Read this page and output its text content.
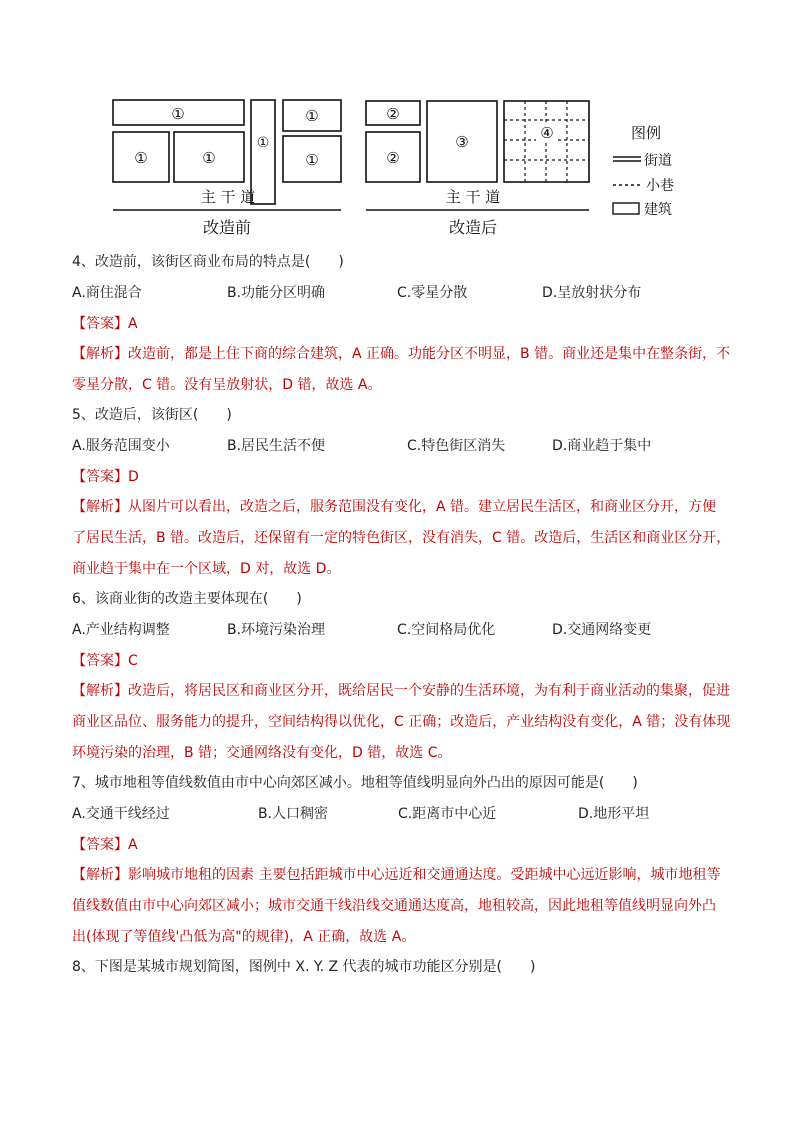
①
①
①
①	①	①
主 干 道
改造前
②
②
③	④
主 干 道
改造后
图例
街道
小巷
建筑

4、改造前，该街区商业布局的特点是(　　)

A.商住混合	B.功能分区明确	C.零星分散	D.呈放射状分布

【答案】A

【解析】改造前，都是上住下商的综合建筑，A 正确。功能分区不明显，B 错。商业还是集中在整条街，不
零星分散，C 错。没有呈放射状，D 错，故选 A。

5、改造后，该街区(　　)

A.服务范围变小	B.居民生活不便	C.特色街区消失	D.商业趋于集中

【答案】D

【解析】从图片可以看出，改造之后，服务范围没有变化，A 错。建立居民生活区，和商业区分开，方便
了居民生活，B 错。改造后，还保留有一定的特色街区，没有消失，C 错。改造后，生活区和商业区分开，
商业趋于集中在一个区域，D 对，故选 D。

6、该商业街的改造主要体现在(　　)

A.产业结构调整	B.环境污染治理	C.空间格局优化	D.交通网络变更

【答案】C

【解析】改造后，将居民区和商业区分开，既给居民一个安静的生活环境，为有利于商业活动的集聚，促进
商业区品位、服务能力的提升，空间结构得以优化，C 正确；改造后，产业结构没有变化，A 错；没有体现
环境污染的治理，B 错；交通网络没有变化，D 错，故选 C。

7、城市地租等值线数值由市中心向郊区减小。地租等值线明显向外凸出的原因可能是(　　)

A.交通干线经过	B.人口稠密	C.距离市中心近	D.地形平坦

【答案】A

【解析】影响城市地租的因素 主要包括距城市中心远近和交通通达度。受距城中心远近影响，城市地租等
值线数值由市中心向郊区减小；城市交通干线沿线交通通达度高，地租较高，因此地租等值线明显向外凸
出(体现了等值线'凸低为高"的规律)，A 正确，故选 A。

8、下图是某城市规划简图，图例中 X. Y. Z 代表的城市功能区分别是(　　)
